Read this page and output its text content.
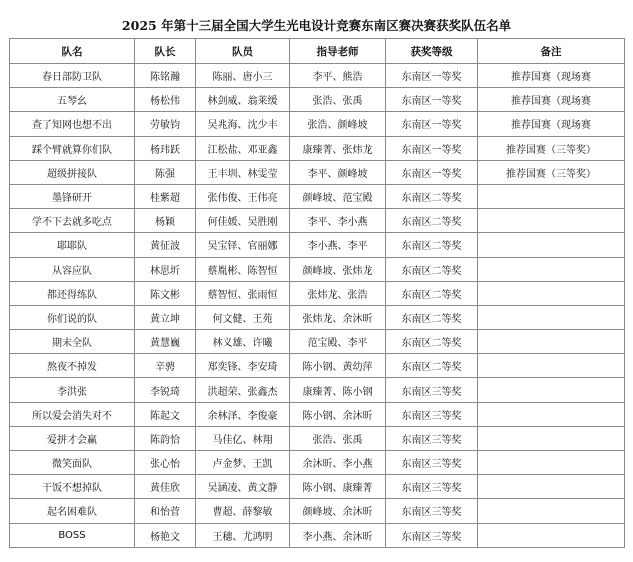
2025 年第十三届全国大学生光电设计竞赛东南区赛决赛获奖队伍名单
队名	队长	队员	指导老师	获奖等级	备注
春日部防卫队	陈铭瀚	陈丽、唐小三	李平、熊浩	东南区一等奖	推荐国赛（现场赛
五琴幺	杨松伟	林剑威、翁莱缓	张浩、张禹	东南区一等奖	推荐国赛（现场赛
查了知网也想不出	劳敏钧	吴兆海、沈少丰	张浩、颜峰坡	东南区一等奖	推荐国赛（现场赛
踩个臂就算你们队	杨玮跃	江松盐、邓亚鑫	康臻菁、张炜龙	东南区一等奖	推荐国赛（三等奖）
超级拼接队	陈强	王丰圳、林雯莹	李平、颜峰坡	东南区一等奖	推荐国赛（三等奖）
墨锋研开	桂紫超	张伟俊、王伟亮	颜峰坡、范宝殿	东南区二等奖	
学不下去就多吃点	杨颖	何佳媛、吴胜刚	李平、李小燕	东南区二等奖	
耶耶队	黄征波	吴宝铎、官丽娜	李小燕、李平	东南区二等奖	
从容应队	林思圻	蔡胤彬、陈智恒	颜峰坡、张炜龙	东南区二等奖	
都还得练队	陈文彬	蔡智恒、张雨恒	张炜龙、张浩	东南区二等奖	
你们说的队	黄立坤	何文健、王苑	张炜龙、余沐昕	东南区二等奖	
期末全队	黄慧巍	林义雄、许曦	范宝殿、李平	东南区二等奖	
熬夜不掉发	辛骋	郑奕锋、李安琦	陈小钢、黄幼萍	东南区二等奖	
李洪张	李锐琦	洪超荣、张鑫杰	康臻菁、陈小钢	东南区三等奖	
所以爱会消失对不	陈起文	余林泽、李俊豪	陈小钢、余沐昕	东南区三等奖	
爱拼才会赢	陈韵恰	马佳亿、林翔	张浩、张禹	东南区三等奖	
微笑面队	张心怡	卢金梦、王凯	余沐昕、李小燕	东南区三等奖	
干饭不想掉队	黄佳欣	吴涵凌、黄文静	陈小钢、康臻菁	东南区三等奖	
起名困难队	和怡菅	曹超、薛黎敏	颜峰坡、余沐昕	东南区三等奖	
BOSS	杨艳文	王穗、尤鸿明	李小燕、余沐昕	东南区三等奖	
